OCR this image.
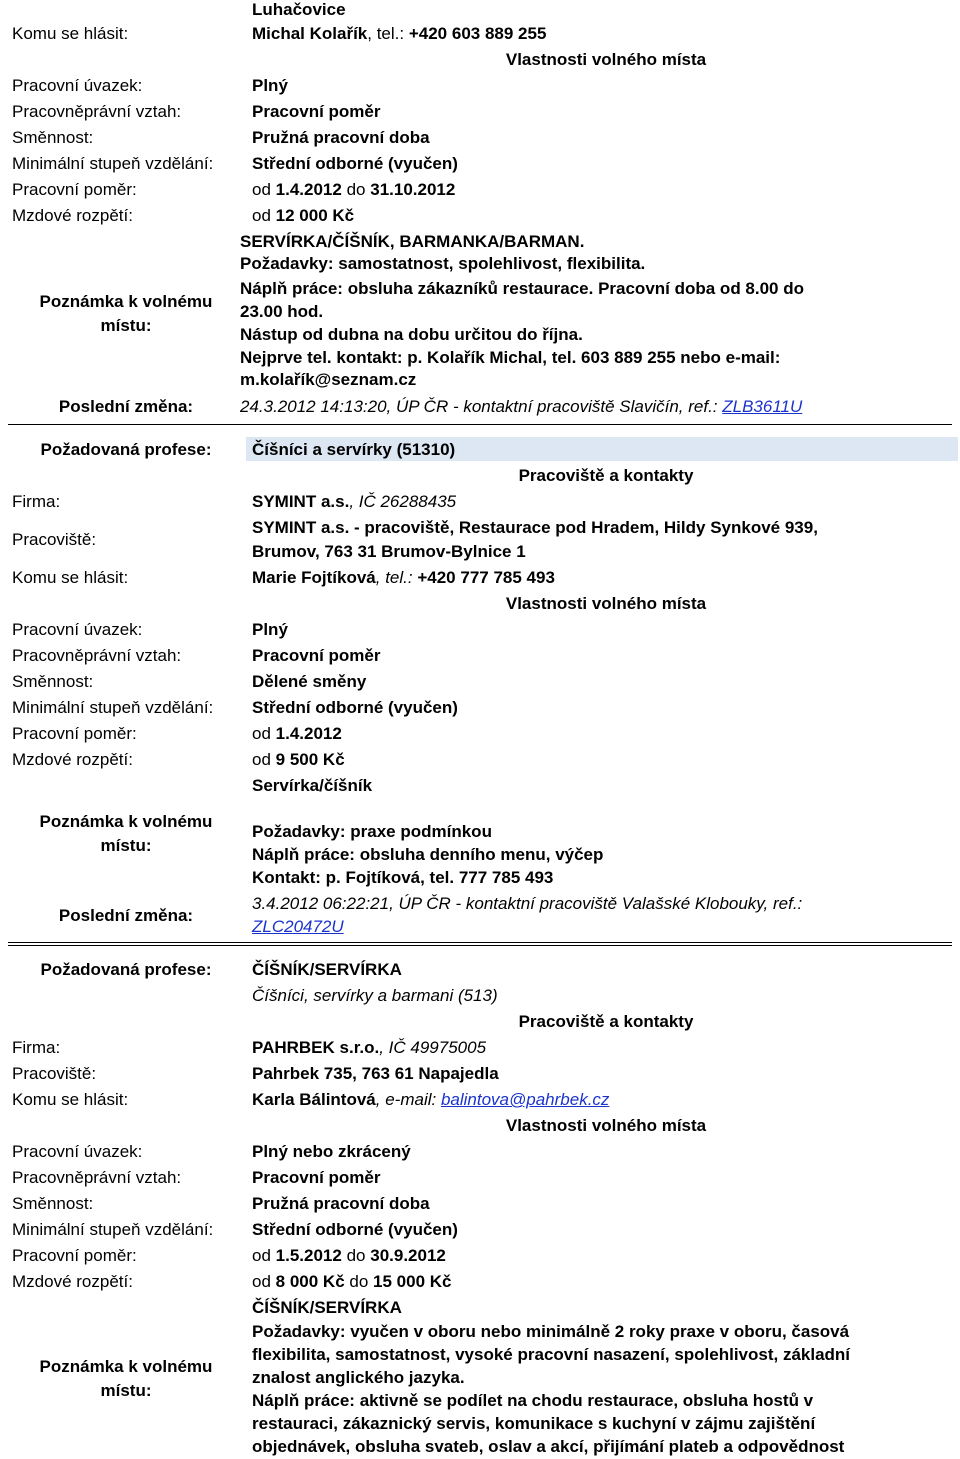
Luhačovice
Komu se hlásit:	Michal Kolařík, tel.: +420 603 889 255
Vlastnosti volného místa
Pracovní úvazek:	Plný
Pracovněprávní vztah:	Pracovní poměr
Směnnost:	Pružná pracovní doba
Minimální stupeň vzdělání: Střední odborné (vyučen)
Pracovní poměr:	od 1.4.2012 do 31.10.2012
Mzdové rozpětí:	od 12 000 Kč
Poznámka k volnému místu:
SERVÍRKA/ČÍŠNÍK, BARMANKA/BARMAN.
Požadavky: samostatnost, spolehlivost, flexibilita.
Náplň práce: obsluha zákazníků restaurace. Pracovní doba od 8.00 do
23.00 hod.
Nástup od dubna na dobu určitou do října.
Nejprve tel. kontakt: p. Kolařík Michal, tel. 603 889 255 nebo e-mail:
m.kolařík@seznam.cz
Poslední změna:	24.3.2012 14:13:20, ÚP ČR - kontaktní pracoviště Slavičín, ref.: ZLB3611U
Požadovaná profese:	Číšníci a servírky (51310)
Pracoviště a kontakty
Firma:	SYMINT a.s., IČ 26288435
Pracoviště:
SYMINT a.s. - pracoviště, Restaurace pod Hradem, Hildy Synkové 939,
Brumov, 763 31 Brumov-Bylnice 1
Komu se hlásit:	Marie Fojtíková, tel.: +420 777 785 493
Vlastnosti volného místa
Pracovní úvazek:	Plný
Pracovněprávní vztah:	Pracovní poměr
Směnnost:	Dělené směny
Minimální stupeň vzdělání: Střední odborné (vyučen)
Pracovní poměr:	od 1.4.2012
Mzdové rozpětí:	od 9 500 Kč
Poznámka k volnému místu:
Servírka/číšník
Požadavky: praxe podmínkou
Náplň práce: obsluha denního menu, výčep
Kontakt: p. Fojtíková, tel. 777 785 493
Poslední změna:
3.4.2012 06:22:21, ÚP ČR - kontaktní pracoviště Valašské Klobouky, ref.:
ZLC20472U
Požadovaná profese:	ČÍŠNÍK/SERVÍRKA
Číšníci, servírky a barmani (513)
Pracoviště a kontakty
Firma:	PAHRBEK s.r.o., IČ 49975005
Pracoviště:	Pahrbek 735, 763 61 Napajedla
Komu se hlásit:	Karla Bálintová, e-mail: balintova@pahrbek.cz
Vlastnosti volného místa
Pracovní úvazek:	Plný nebo zkrácený
Pracovněprávní vztah:	Pracovní poměr
Směnnost:	Pružná pracovní doba
Minimální stupeň vzdělání: Střední odborné (vyučen)
Pracovní poměr:	od 1.5.2012 do 30.9.2012
Mzdové rozpětí:	od 8 000 Kč do 15 000 Kč
Poznámka k volnému místu:
ČÍŠNÍK/SERVÍRKA
Požadavky: vyučen v oboru nebo minimálně 2 roky praxe v oboru, časová
flexibilita, samostatnost, vysoké pracovní nasazení, spolehlivost, základní
znalost anglického jazyka.
Náplň práce: aktivně se podílet na chodu restaurace, obsluha hostů v
restauraci, zákaznický servis, komunikace s kuchyní v zájmu zajištění
objednávek, obsluha svateb, oslav a akcí, přijímání plateb a odpovědnost
